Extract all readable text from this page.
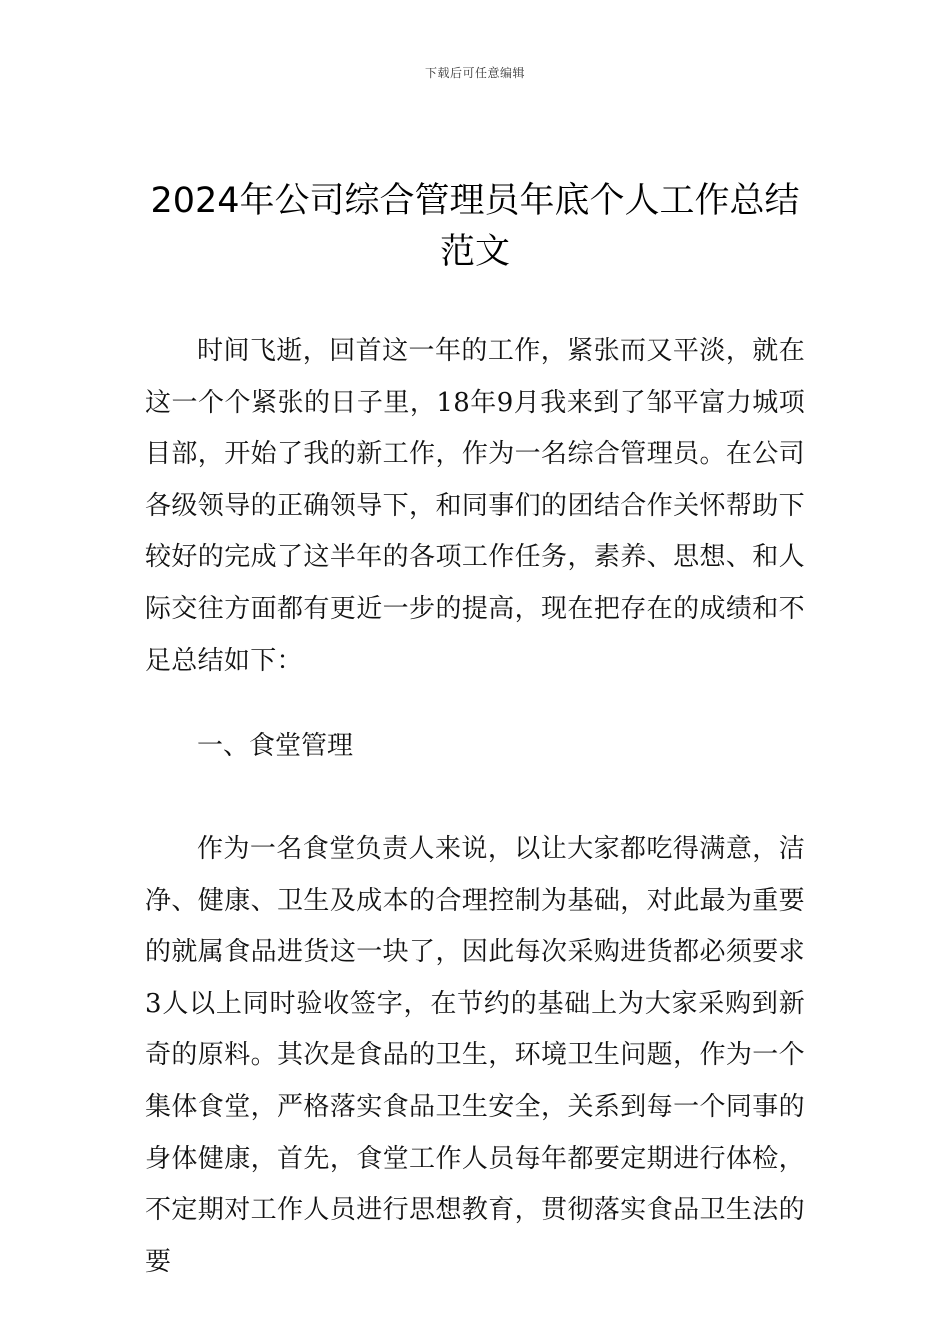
下载后可任意编辑
2024年公司综合管理员年底个人工作总结范文

时间飞逝，回首这一年的工作，紧张而又平淡，就在这一个个紧张的日子里，18年9月我来到了邹平富力城项目部，开始了我的新工作，作为一名综合管理员。在公司各级领导的正确领导下，和同事们的团结合作关怀帮助下较好的完成了这半年的各项工作任务，素养、思想、和人际交往方面都有更近一步的提高，现在把存在的成绩和不足总结如下：

一、食堂管理

作为一名食堂负责人来说，以让大家都吃得满意，洁净、健康、卫生及成本的合理控制为基础，对此最为重要的就属食品进货这一块了，因此每次采购进货都必须要求3人以上同时验收签字，在节约的基础上为大家采购到新奇的原料。其次是食品的卫生，环境卫生问题，作为一个集体食堂，严格落实食品卫生安全，关系到每一个同事的身体健康，首先，食堂工作人员每年都要定期进行体检，不定期对工作人员进行思想教育，贯彻落实食品卫生法的要
